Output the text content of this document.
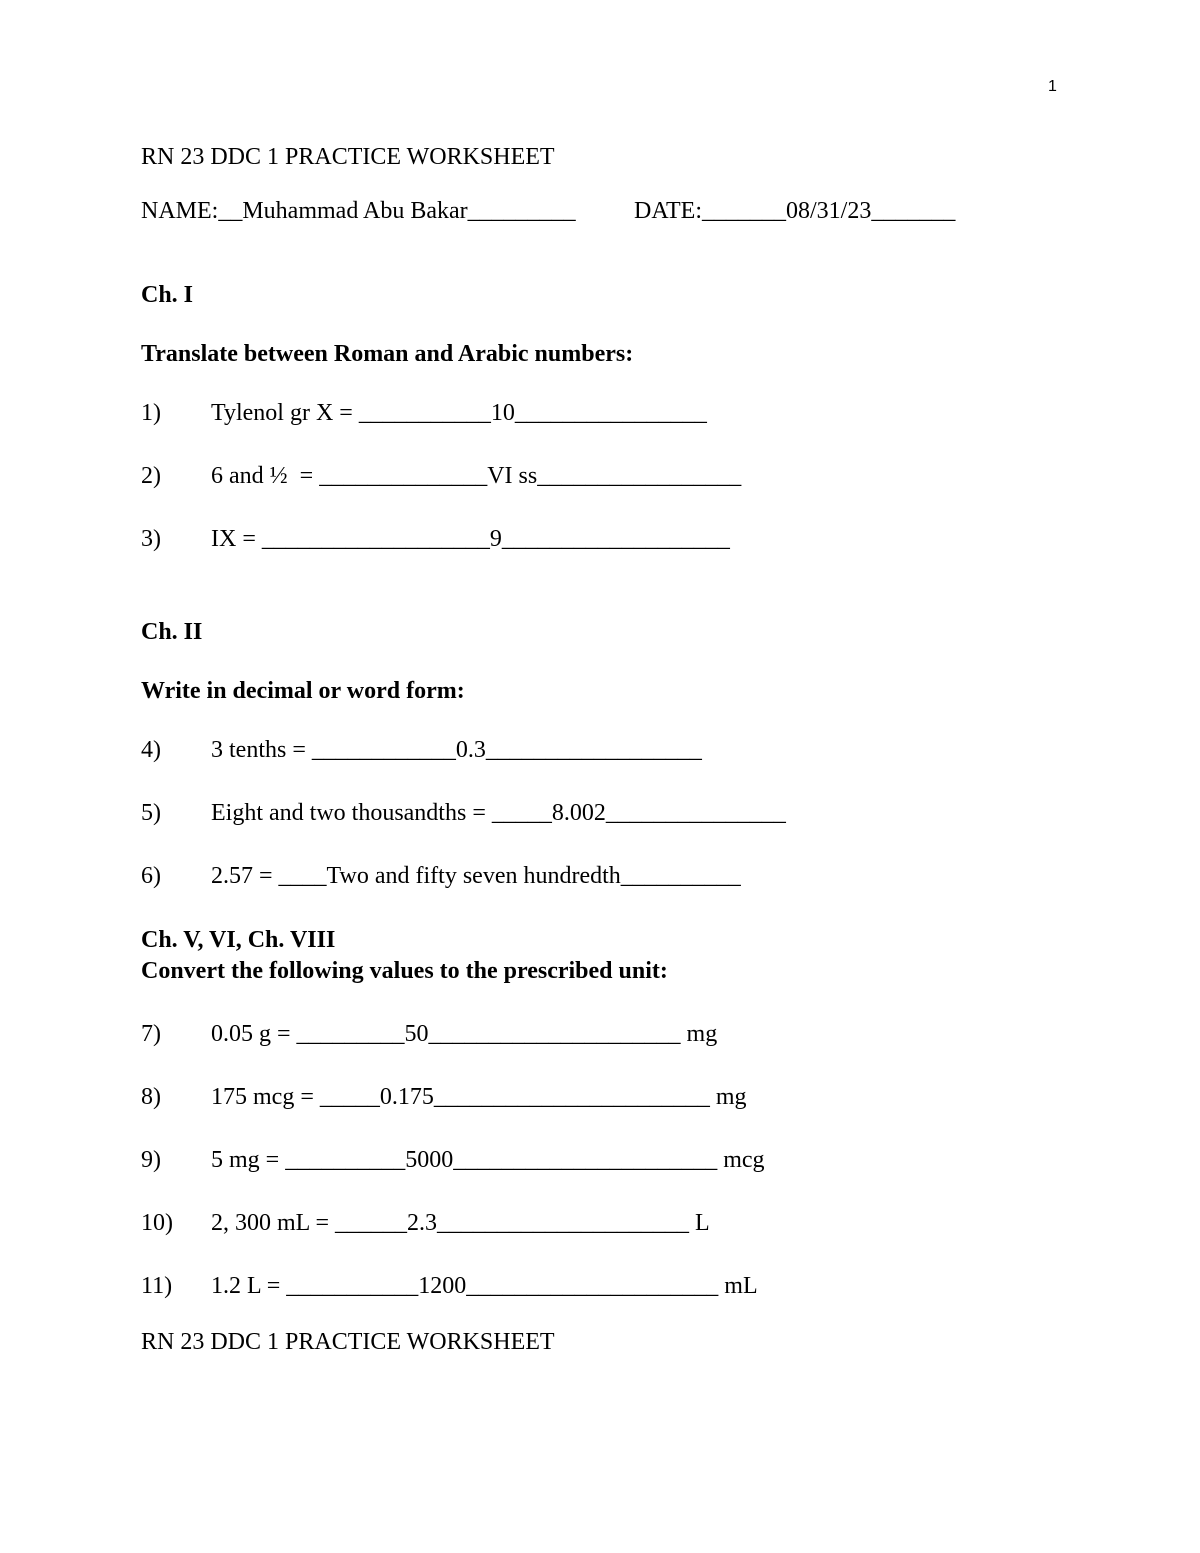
1
RN 23 DDC 1 PRACTICE WORKSHEET
NAME:__Muhammad Abu Bakar_________ DATE:_______08/31/23_______
Ch. I
Translate between Roman and Arabic numbers:
1) Tylenol gr X = ___________10________________
2) 6 and ½  = ______________VI ss_________________
3) IX = ___________________9___________________
Ch. II
Write in decimal or word form:
4) 3 tenths = ____________0.3__________________
5) Eight and two thousandths = _____8.002_______________
6) 2.57 = ____Two and fifty seven hundredth__________
Ch. V, VI, Ch. VIII
Convert the following values to the prescribed unit:
7) 0.05 g = _________50_____________________ mg
8) 175 mcg = _____0.175_______________________ mg
9) 5 mg = __________5000______________________ mcg
10) 2, 300 mL = ______2.3_____________________ L
11) 1.2 L = ___________1200_____________________ mL
RN 23 DDC 1 PRACTICE WORKSHEET
